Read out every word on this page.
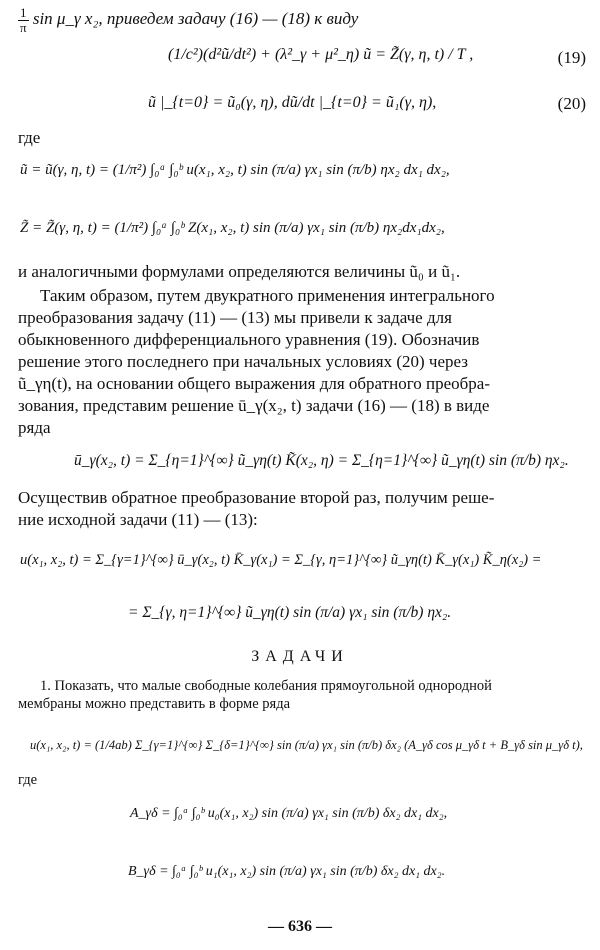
$\frac{1}{\pi}$ sin μ_γ x₂, приведем задачу (16) — (18) к виду
(1/c²)(d²ũ/dt²) + (λ²_γ + μ²_η) ũ = Z̃(γ, η, t) / T ,	(19)
ũ |_{t=0} = ũ₀(γ, η), dũ/dt |_{t=0} = ũ₁(γ, η),	(20)
где
ũ = ũ(γ, η, t) = (1/π²) ∫₀ᵃ ∫₀ᵇ u(x₁, x₂, t) sin (π/a) γx₁ sin (π/b) ηx₂ dx₁ dx₂,
Z̃ = Z̃(γ, η, t) = (1/π²) ∫₀ᵃ ∫₀ᵇ Z(x₁, x₂, t) sin (π/a) γx₁ sin (π/b) ηx₂dx₁dx₂,
и аналогичными формулами определяются величины ũ₀ и ũ₁.
Таким образом, путем двукратного применения интегрального
преобразования задачу (11) — (13) мы привели к задаче для
обыкновенного дифференциального уравнения (19). Обозначив
решение этого последнего при начальных условиях (20) через
ũ_γη(t), на основании общего выражения для обратного преобра-
зования, представим решение ū_γ(x₂, t) задачи (16) — (18) в виде
ряда
ū_γ(x₂, t) = Σ_{η=1}^{∞} ũ_γη(t) K̃(x₂, η) = Σ_{η=1}^{∞} ũ_γη(t) sin (π/b) ηx₂.
Осуществив обратное преобразование второй раз, получим реше-
ние исходной задачи (11) — (13):
u(x₁, x₂, t) = Σ_{γ=1}^{∞} ū_γ(x₂, t) K̄_γ(x₁) = Σ_{γ, η=1}^{∞} ũ_γη(t) K̄_γ(x₁) K̃_η(x₂) =
= Σ_{γ, η=1}^{∞} ũ_γη(t) sin (π/a) γx₁ sin (π/b) ηx₂.
ЗАДАЧИ
1. Показать, что малые свободные колебания прямоугольной однородной
мембраны можно представить в форме ряда
u(x₁, x₂, t) = (1/4ab) Σ_{γ=1}^{∞} Σ_{δ=1}^{∞} sin (π/a) γx₁ sin (π/b) δx₂ (A_γδ cos μ_γδ t + B_γδ sin μ_γδ t),
где
A_γδ = ∫₀ᵃ ∫₀ᵇ u₀(x₁, x₂) sin (π/a) γx₁ sin (π/b) δx₂ dx₁ dx₂,
B_γδ = ∫₀ᵃ ∫₀ᵇ u₁(x₁, x₂) sin (π/a) γx₁ sin (π/b) δx₂ dx₁ dx₂.
— 636 —
